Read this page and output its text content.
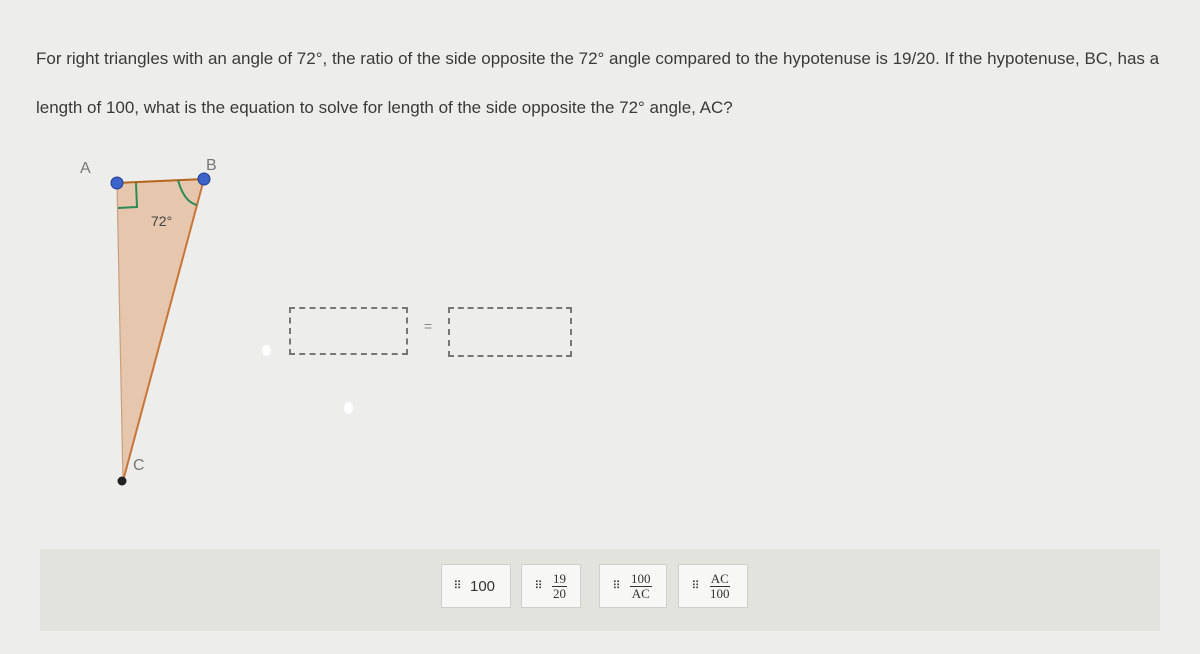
For right triangles with an angle of 72°, the ratio of the side opposite the 72° angle compared to the hypotenuse is 19/20. If the hypotenuse, BC, has a
length of 100, what is the equation to solve for length of the side opposite the 72° angle, AC?
A	B
C
72°
=
⠿ 100	⠿ $\frac{19}{20}$	⠿ $\frac{100}{AC}$	⠿ $\frac{AC}{100}$
